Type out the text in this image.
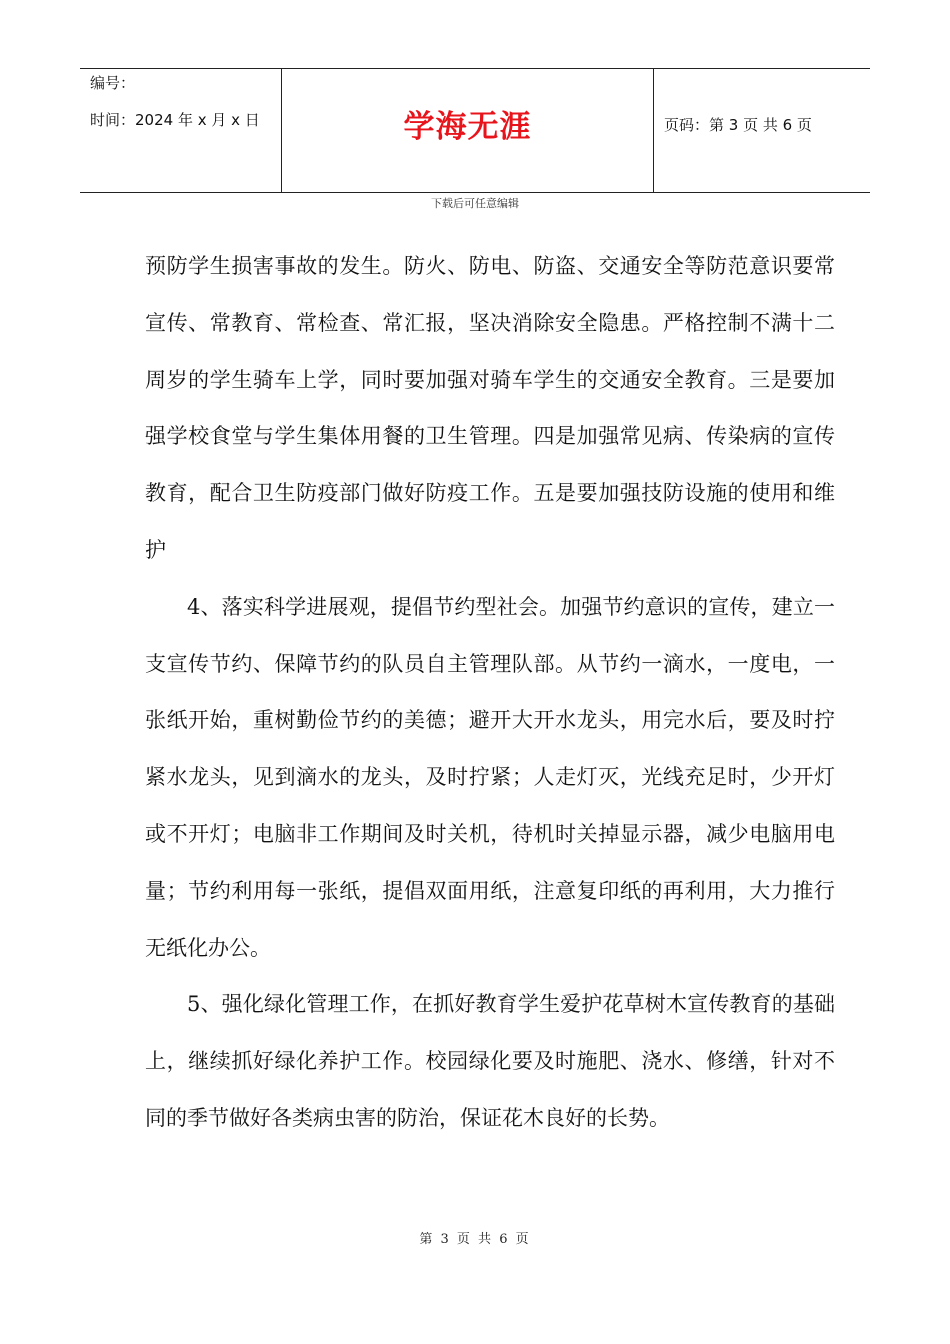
编号：
时间：2024 年 x 月 x 日	学海无涯	页码：第 3 页 共 6 页
下载后可任意编辑

预防学生损害事故的发生。防火、防电、防盗、交通安全等防范意识要常宣传、常教育、常检查、常汇报，坚决消除安全隐患。严格控制不满十二周岁的学生骑车上学，同时要加强对骑车学生的交通安全教育。三是要加强学校食堂与学生集体用餐的卫生管理。四是加强常见病、传染病的宣传教育，配合卫生防疫部门做好防疫工作。五是要加强技防设施的使用和维护

4、落实科学进展观，提倡节约型社会。加强节约意识的宣传，建立一支宣传节约、保障节约的队员自主管理队部。从节约一滴水，一度电，一张纸开始，重树勤俭节约的美德；避开大开水龙头，用完水后，要及时拧紧水龙头，见到滴水的龙头，及时拧紧；人走灯灭，光线充足时，少开灯或不开灯；电脑非工作期间及时关机，待机时关掉显示器，减少电脑用电量；节约利用每一张纸，提倡双面用纸，注意复印纸的再利用，大力推行无纸化办公。

5、强化绿化管理工作，在抓好教育学生爱护花草树木宣传教育的基础上，继续抓好绿化养护工作。校园绿化要及时施肥、浇水、修缮，针对不同的季节做好各类病虫害的防治，保证花木良好的长势。

第 3 页 共 6 页
